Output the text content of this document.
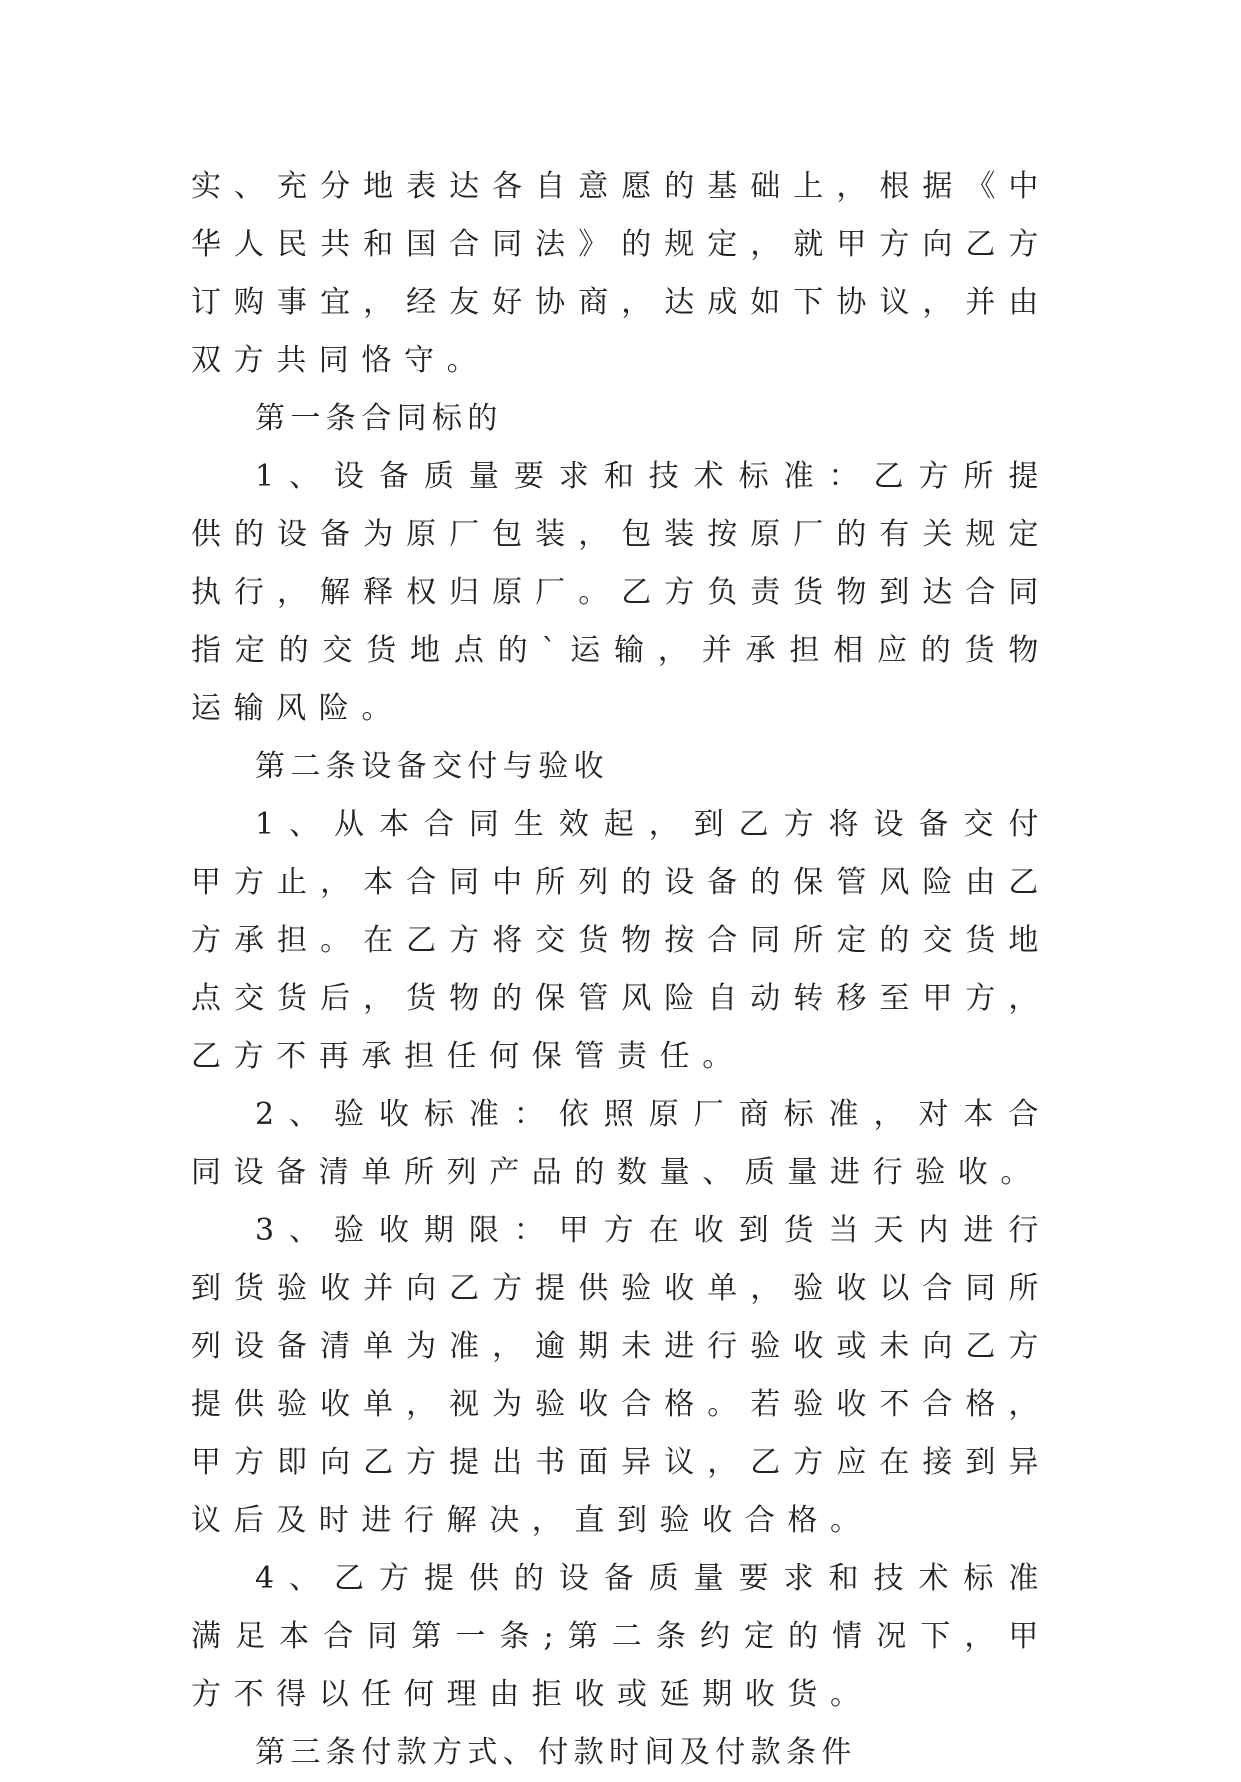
实、充分地表达各自意愿的基础上，根据《中华人民共和国合同法》的规定，就甲方向乙方订购事宜，经友好协商，达成如下协议，并由双方共同恪守。

第一条合同标的

1、设备质量要求和技术标准：乙方所提供的设备为原厂包装，包装按原厂的有关规定执行，解释权归原厂。乙方负责货物到达合同指定的交货地点的`运输，并承担相应的货物运输风险。

第二条设备交付与验收

1、从本合同生效起，到乙方将设备交付甲方止，本合同中所列的设备的保管风险由乙方承担。在乙方将交货物按合同所定的交货地点交货后，货物的保管风险自动转移至甲方，乙方不再承担任何保管责任。

2、验收标准：依照原厂商标准，对本合同设备清单所列产品的数量、质量进行验收。

3、验收期限：甲方在收到货当天内进行到货验收并向乙方提供验收单，验收以合同所列设备清单为准，逾期未进行验收或未向乙方提供验收单，视为验收合格。若验收不合格，甲方即向乙方提出书面异议，乙方应在接到异议后及时进行解决，直到验收合格。

4、乙方提供的设备质量要求和技术标准满足本合同第一条;第二条约定的情况下，甲方不得以任何理由拒收或延期收货。

第三条付款方式、付款时间及付款条件
